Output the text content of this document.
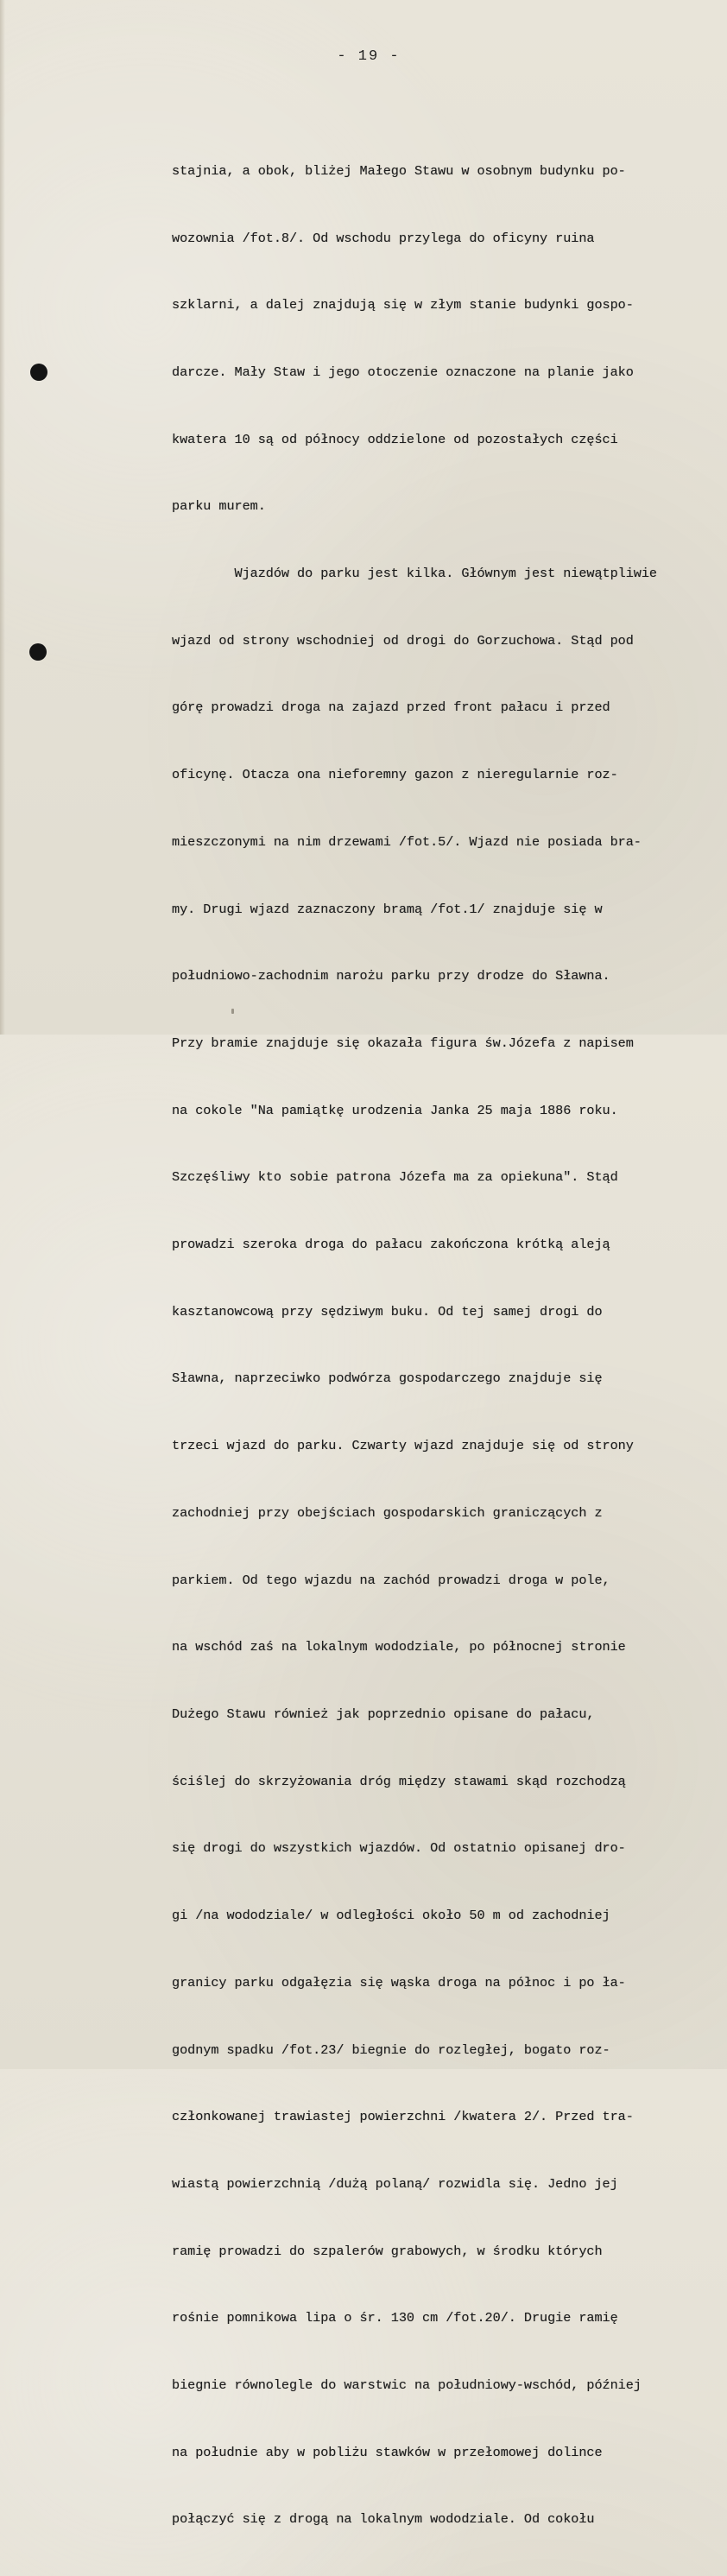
- 19 -

stajnia, a obok, bliżej Małego Stawu w osobnym budynku po-

wozownia /fot.8/. Od wschodu przylega do oficyny ruina

szklarni, a dalej znajdują się w złym stanie budynki gospo-

darcze. Mały Staw i jego otoczenie oznaczone na planie jako

kwatera 10 są od północy oddzielone od pozostałych części

parku murem.

Wjazdów do parku jest kilka. Głównym jest niewątpliwie

wjazd od strony wschodniej od drogi do Gorzuchowa. Stąd pod

górę prowadzi droga na zajazd przed front pałacu i przed

oficynę. Otacza ona nieforemny gazon z nieregularnie roz-

mieszczonymi na nim drzewami /fot.5/. Wjazd nie posiada bra-

my. Drugi wjazd zaznaczony bramą /fot.1/ znajduje się w

południowo-zachodnim narożu parku przy drodze do Sławna.

Przy bramie znajduje się okazała figura św.Józefa z napisem

na cokole "Na pamiątkę urodzenia Janka 25 maja 1886 roku.

Szczęśliwy kto sobie patrona Józefa ma za opiekuna". Stąd

prowadzi szeroka droga do pałacu zakończona krótką aleją

kasztanowcową przy sędziwym buku. Od tej samej drogi do

Sławna, naprzeciwko podwórza gospodarczego znajduje się

trzeci wjazd do parku. Czwarty wjazd znajduje się od strony

zachodniej przy obejściach gospodarskich graniczących z

parkiem. Od tego wjazdu na zachód prowadzi droga w pole,

na wschód zaś na lokalnym wododziale, po północnej stronie

Dużego Stawu również jak poprzednio opisane do pałacu,

ściślej do skrzyżowania dróg między stawami skąd rozchodzą

się drogi do wszystkich wjazdów. Od ostatnio opisanej dro-

gi /na wododziale/ w odległości około 50 m od zachodniej

granicy parku odgałęzia się wąska droga na północ i po ła-

godnym spadku /fot.23/ biegnie do rozległej, bogato roz-

członkowanej trawiastej powierzchni /kwatera 2/. Przed tra-

wiastą powierzchnią /dużą polaną/ rozwidla się. Jedno jej

ramię prowadzi do szpalerów grabowych, w środku których

rośnie pomnikowa lipa o śr. 130 cm /fot.20/. Drugie ramię

biegnie równolegle do warstwic na południowy-wschód, później

na południe aby w pobliżu stawków w przełomowej dolince

połączyć się z drogą na lokalnym wododziale. Od cokołu
